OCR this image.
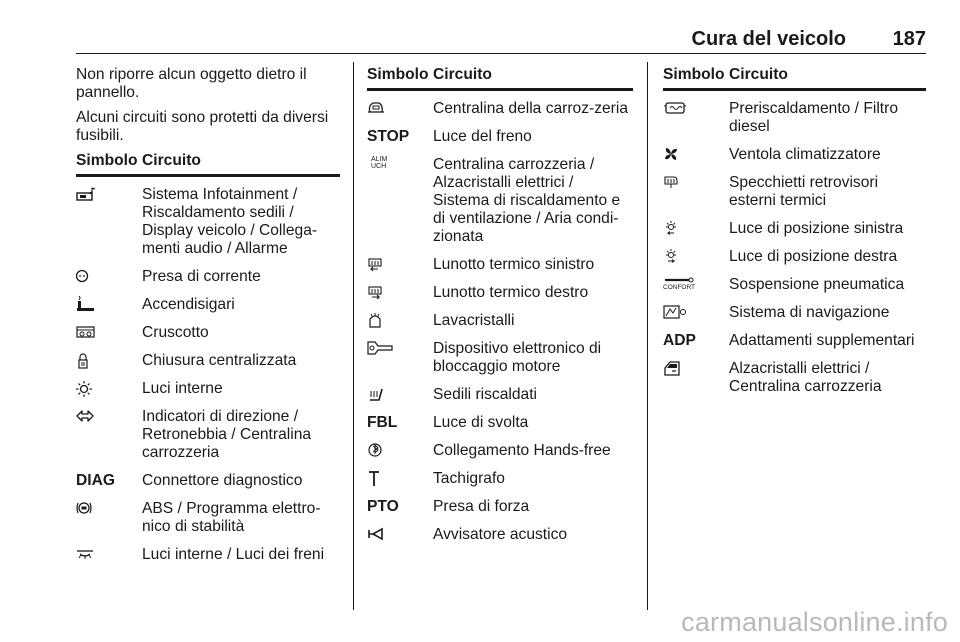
Cura del veicolo 187

Non riporre alcun oggetto dietro il pannello.

Alcuni circuiti sono protetti da diversi fusibili.

Simbolo Circuito
Sistema Infotainment / Riscaldamento sedili / Display veicolo / Collega-menti audio / Allarme
Presa di corrente
Accendisigari
Cruscotto
Chiusura centralizzata
Luci interne
Indicatori di direzione / Retronebbia / Centralina carrozzeria
DIAG Connettore diagnostico
ABS / Programma elettro-nico di stabilità
Luci interne / Luci dei freni
Simbolo Circuito
Centralina della carroz-zeria
STOP Luce del freno
ALIM
UCH	Centralina carrozzeria / Alzacristalli elettrici / Sistema di riscaldamento e di ventilazione / Aria condi-zionata
Lunotto termico sinistro
Lunotto termico destro
Lavacristalli
Dispositivo elettronico di bloccaggio motore
Sedili riscaldati
FBL Luce di svolta
Collegamento Hands-free
Tachigrafo
PTO Presa di forza
Avvisatore acustico
Simbolo Circuito
Preriscaldamento / Filtro diesel
Ventola climatizzatore
Specchietti retrovisori esterni termici
Luce di posizione sinistra
Luce di posizione destra
CONFORT Sospensione pneumatica
Sistema di navigazione
ADP Adattamenti supplementari
Alzacristalli elettrici / Centralina carrozzeria
carmanualsonline.info
